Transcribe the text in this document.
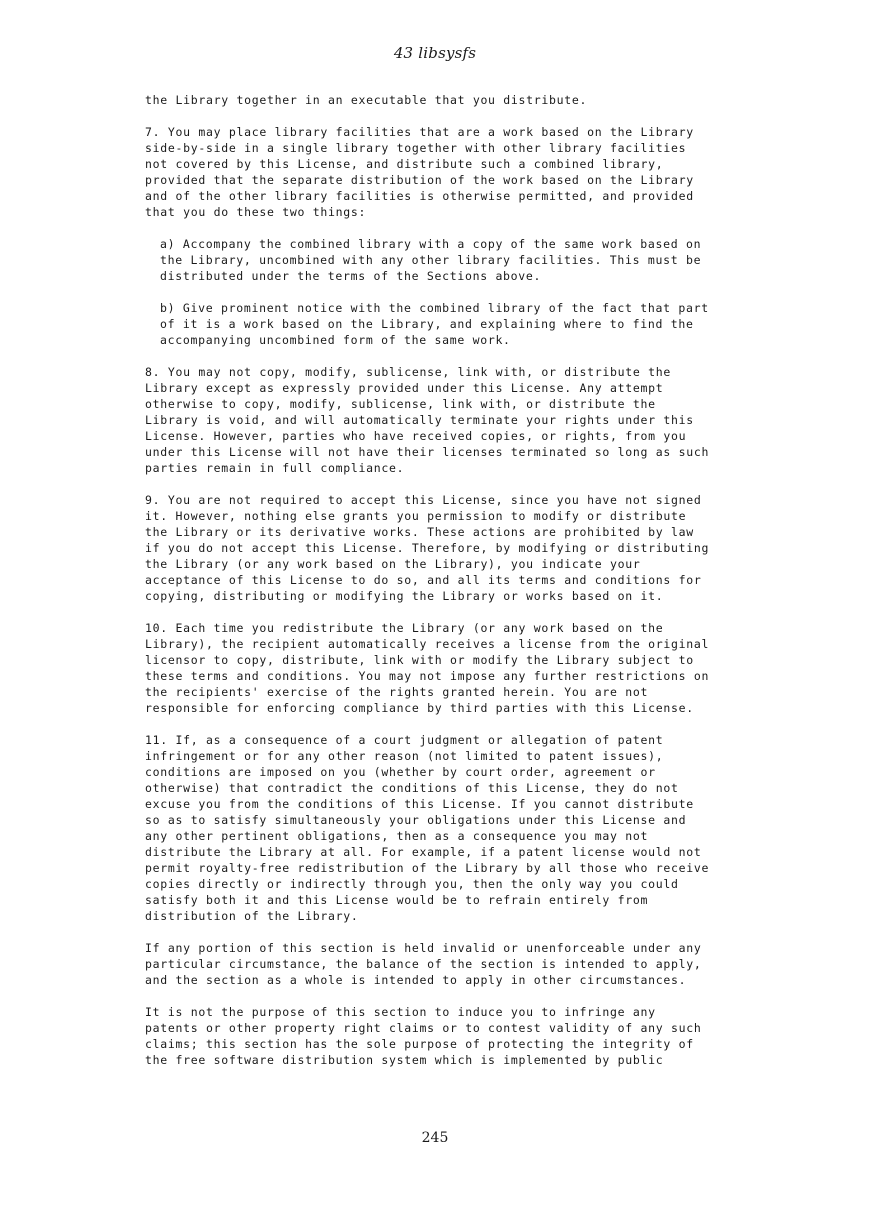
43 libsysfs
the Library together in an executable that you distribute.
7. You may place library facilities that are a work based on the Library
side-by-side in a single library together with other library facilities
not covered by this License, and distribute such a combined library,
provided that the separate distribution of the work based on the Library
and of the other library facilities is otherwise permitted, and provided
that you do these two things:
a) Accompany the combined library with a copy of the same work based on
the Library, uncombined with any other library facilities. This must be
distributed under the terms of the Sections above.
b) Give prominent notice with the combined library of the fact that part
of it is a work based on the Library, and explaining where to find the
accompanying uncombined form of the same work.
8. You may not copy, modify, sublicense, link with, or distribute the
Library except as expressly provided under this License. Any attempt
otherwise to copy, modify, sublicense, link with, or distribute the
Library is void, and will automatically terminate your rights under this
License. However, parties who have received copies, or rights, from you
under this License will not have their licenses terminated so long as such
parties remain in full compliance.
9. You are not required to accept this License, since you have not signed
it. However, nothing else grants you permission to modify or distribute
the Library or its derivative works. These actions are prohibited by law
if you do not accept this License. Therefore, by modifying or distributing
the Library (or any work based on the Library), you indicate your
acceptance of this License to do so, and all its terms and conditions for
copying, distributing or modifying the Library or works based on it.
10. Each time you redistribute the Library (or any work based on the
Library), the recipient automatically receives a license from the original
licensor to copy, distribute, link with or modify the Library subject to
these terms and conditions. You may not impose any further restrictions on
the recipients' exercise of the rights granted herein. You are not
responsible for enforcing compliance by third parties with this License.
11. If, as a consequence of a court judgment or allegation of patent
infringement or for any other reason (not limited to patent issues),
conditions are imposed on you (whether by court order, agreement or
otherwise) that contradict the conditions of this License, they do not
excuse you from the conditions of this License. If you cannot distribute
so as to satisfy simultaneously your obligations under this License and
any other pertinent obligations, then as a consequence you may not
distribute the Library at all. For example, if a patent license would not
permit royalty-free redistribution of the Library by all those who receive
copies directly or indirectly through you, then the only way you could
satisfy both it and this License would be to refrain entirely from
distribution of the Library.
If any portion of this section is held invalid or unenforceable under any
particular circumstance, the balance of the section is intended to apply,
and the section as a whole is intended to apply in other circumstances.
It is not the purpose of this section to induce you to infringe any
patents or other property right claims or to contest validity of any such
claims; this section has the sole purpose of protecting the integrity of
the free software distribution system which is implemented by public
245
